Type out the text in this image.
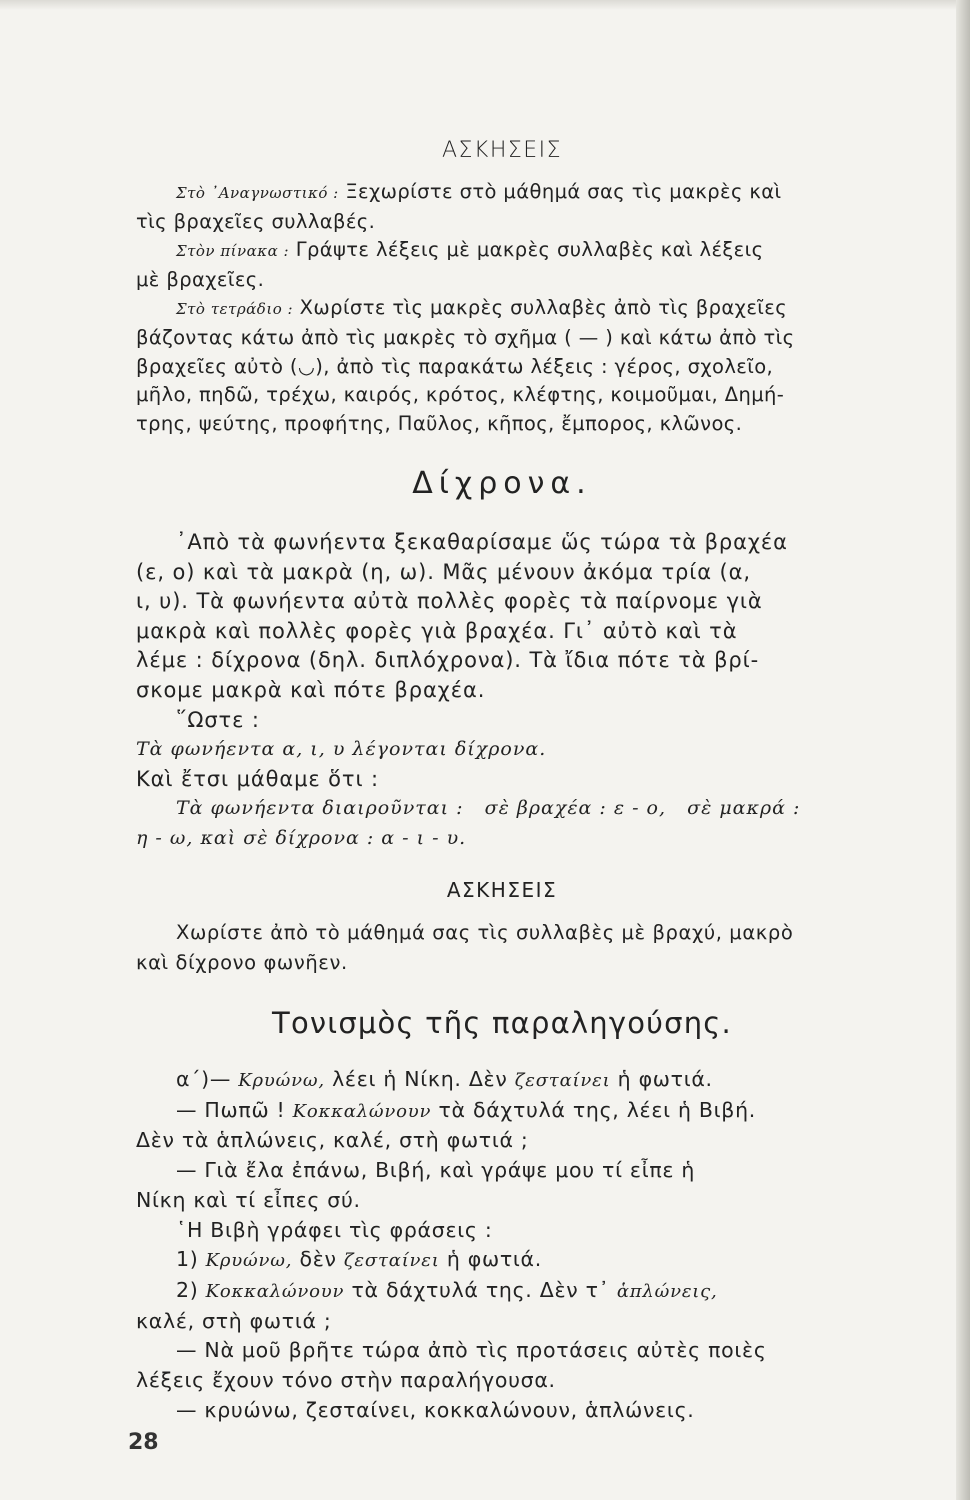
ΑΣΚΗΣΕΙΣ
Στὸ ᾿Αναγνωστικό : Ξεχωρίστε στὸ μάθημά σας τὶς μακρὲς καὶ
τὶς βραχεῖες συλλαβές.
Στὸν πίνακα : Γράψτε λέξεις μὲ μακρὲς συλλαβὲς καὶ λέξεις
μὲ βραχεῖες.
Στὸ τετράδιο : Χωρίστε τὶς μακρὲς συλλαβὲς ἀπὸ τὶς βραχεῖες
βάζοντας κάτω ἀπὸ τὶς μακρὲς τὸ σχῆμα ( — ) καὶ κάτω ἀπὸ τὶς
βραχεῖες αὐτὸ (◡), ἀπὸ τὶς παρακάτω λέξεις : γέρος, σχολεῖο,
μῆλο, πηδῶ, τρέχω, καιρός, κρότος, κλέφτης, κοιμοῦμαι, Δημή-
τρης, ψεύτης, προφήτης, Παῦλος, κῆπος, ἔμπορος, κλῶνος.
Δίχρονα.
᾿Απὸ τὰ φωνήεντα ξεκαθαρίσαμε ὥς τώρα τὰ βραχέα
(ε, ο) καὶ τὰ μακρὰ (η, ω). Μᾶς μένουν ἀκόμα τρία (α,
ι, υ). Τὰ φωνήεντα αὐτὰ πολλὲς φορὲς τὰ παίρνομε γιὰ
μακρὰ καὶ πολλὲς φορὲς γιὰ βραχέα. Γι᾿ αὐτὸ καὶ τὰ
λέμε : δίχρονα (δηλ. διπλόχρονα). Τὰ ἴδια πότε τὰ βρί-
σκομε μακρὰ καὶ πότε βραχέα.
῞Ωστε :
Τὰ φωνήεντα α, ι, υ λέγονται δίχρονα.
Καὶ ἔτσι μάθαμε ὅτι :
Τὰ φωνήεντα διαιροῦνται :   σὲ βραχέα : ε - ο,   σὲ μακρά :
η - ω, καὶ σὲ δίχρονα : α - ι - υ.
ΑΣΚΗΣΕΙΣ
Χωρίστε ἀπὸ τὸ μάθημά σας τὶς συλλαβὲς μὲ βραχύ, μακρὸ
καὶ δίχρονο φωνῆεν.
Τονισμὸς τῆς παραληγούσης.
α΄)— Κρυώνω, λέει ἡ Νίκη. Δὲν ζεσταίνει ἡ φωτιά.
— Πωπῶ ! Κοκκαλώνουν τὰ δάχτυλά της, λέει ἡ Βιβή.
Δὲν τὰ ἁπλώνεις, καλέ, στὴ φωτιά ;
— Γιὰ ἔλα ἐπάνω, Βιβή, καὶ γράψε μου τί εἶπε ἡ
Νίκη καὶ τί εἶπες σύ.
῾Η Βιβὴ γράφει τὶς φράσεις :
1) Κρυώνω, δὲν ζεσταίνει ἡ φωτιά.
2) Κοκκαλώνουν τὰ δάχτυλά της. Δὲν τ᾿ ἁπλώνεις,
καλέ, στὴ φωτιά ;
— Νὰ μοῦ βρῆτε τώρα ἀπὸ τὶς προτάσεις αὐτὲς ποιὲς
λέξεις ἔχουν τόνο στὴν παραλήγουσα.
— κρυώνω, ζεσταίνει, κοκκαλώνουν, ἁπλώνεις.
28
